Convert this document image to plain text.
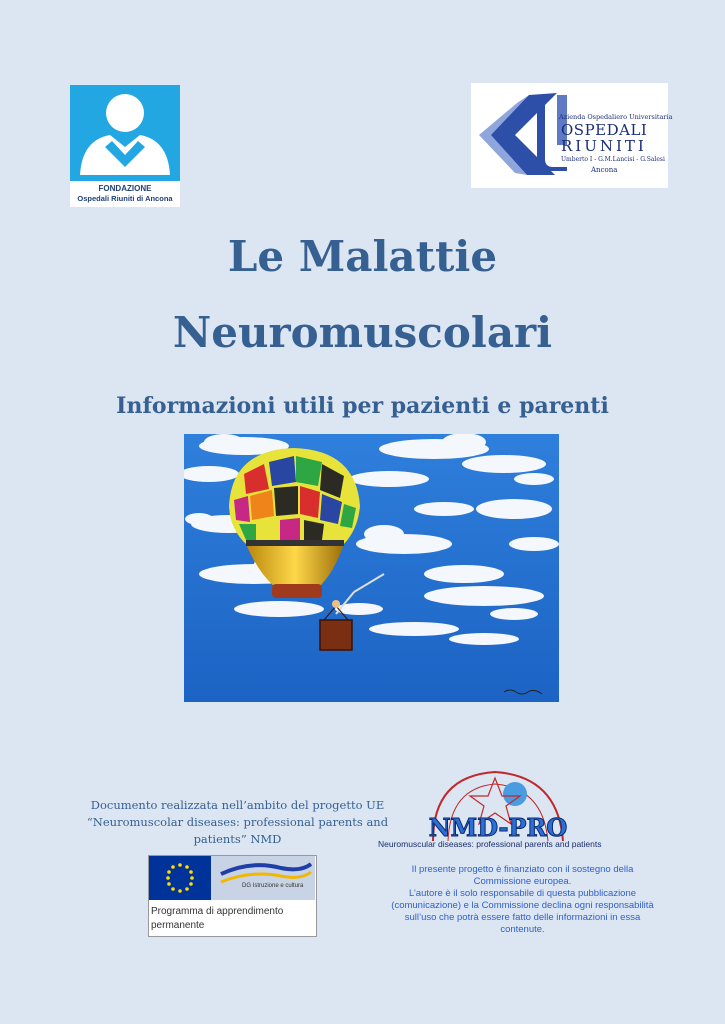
FONDAZIONE
Ospedali Riuniti di Ancona
Azienda Ospedaliero Universitaria
OSPEDALI
RIUNITI
Umberto I - G.M.Lancisi - G.Salesi
Ancona
Le Malattie
Neuromuscolari
Informazioni utili per pazienti e parenti
Documento realizzata nell’ambito del progetto UE
“Neuromuscolar diseases: professional parents and
patients” NMD	NMD-PRO
Neuromuscular diseases: professional parents and patients
DG Istruzione e cultura
Programma di apprendimento
permanente
Il presente progetto è finanziato con il sostegno della
Commissione europea.
L’autore è il solo responsabile di questa pubblicazione
(comunicazione) e la Commissione declina ogni responsabilità
sull’uso che potrà essere fatto delle informazioni in essa
contenute.
